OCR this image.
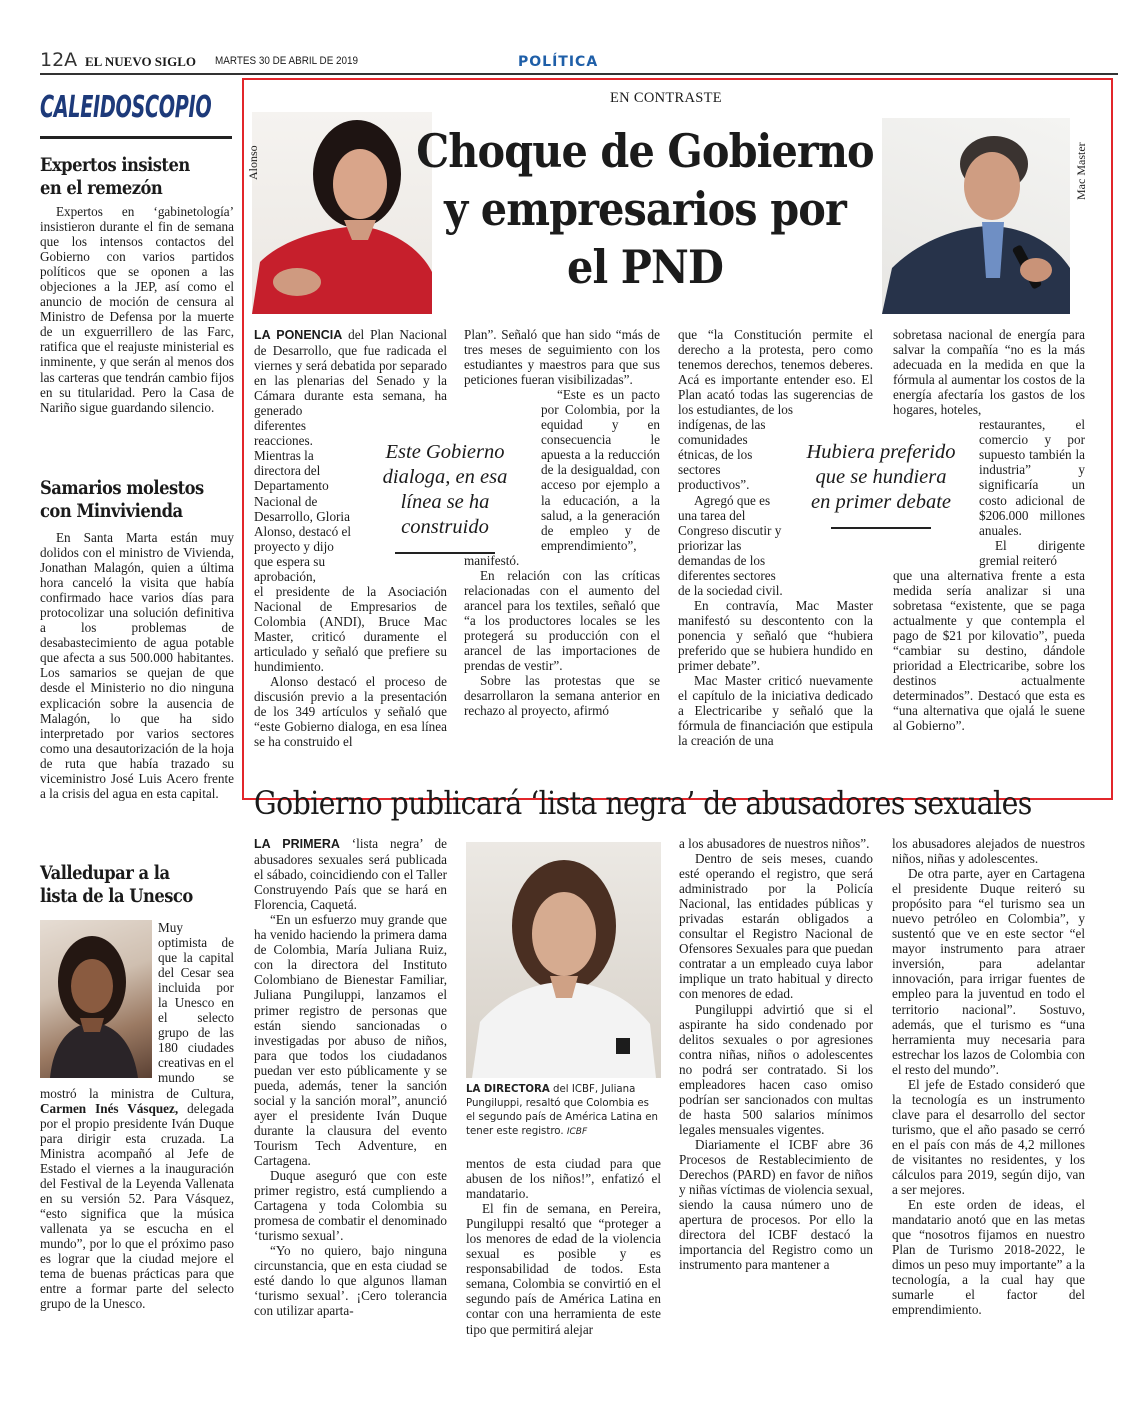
12A EL NUEVO SIGLO MARTES 30 DE ABRIL DE 2019	POLÍTICA
CALEIDOSCOPIO
Expertos insisten
en el remezón

Expertos en ‘gabinetología’ insistieron durante el fin de semana que los intensos contactos del Gobierno con varios partidos políticos que se oponen a las objeciones a la JEP, así como el anuncio de moción de censura al Ministro de Defensa por la muerte de un exguerrillero de las Farc, ratifica que el reajuste ministerial es inminente, y que serán al menos dos las carteras que tendrán cambio fijos en su titularidad. Pero la Casa de Nariño sigue guardando silencio.

Samarios molestos
con Minvivienda

En Santa Marta están muy dolidos con el ministro de Vivienda, Jonathan Malagón, quien a última hora canceló la visita que había confirmado hace varios días para protocolizar una solución definitiva a los problemas de desabastecimiento de agua potable que afecta a sus 500.000 habitantes. Los samarios se quejan de que desde el Ministerio no dio ninguna explicación sobre la ausencia de Malagón, lo que ha sido interpretado por varios sectores como una desautorización de la hoja de ruta que había trazado su viceministro José Luis Acero frente a la crisis del agua en esta capital.

Valledupar a la
lista de la Unesco

Muy optimista de que la capital del Cesar sea incluida por la Unesco en el selecto grupo de las 180 ciudades creativas en el mundo se mostró la ministra de Cultura, Carmen Inés Vásquez, delegada por el propio presidente Iván Duque para dirigir esta cruzada. La Ministra acompañó al Jefe de Estado el viernes a la inauguración del Festival de la Leyenda Vallenata en su versión 52. Para Vásquez, “esto significa que la música vallenata ya se escucha en el mundo”, por lo que el próximo paso es lograr que la ciudad mejore el tema de buenas prácticas para que entre a formar parte del selecto grupo de la Unesco.

EN CONTRASTE
Alonso	Choque de Gobierno
y empresarios por
el PND
Mac Master

LA PONENCIA del Plan Nacional de Desarrollo, que fue radicada el viernes y será debatida por separado en las plenarias del Senado y la Cámara durante esta semana, ha generado

diferentes reacciones. Mientras la directora del Departamento Nacional de Desarrollo, Gloria Alonso, destacó el proyecto y dijo que espera su aprobación,

el presidente de la Asociación Nacional de Empresarios de Colombia (ANDI), Bruce Mac Master, criticó duramente el articulado y señaló que prefiere su hundimiento.

Alonso destacó el proceso de discusión previo a la presentación de los 349 artículos y señaló que “este Gobierno dialoga, en esa línea se ha construido el

Este Gobierno dialoga, en esa línea se ha construido

Plan”. Señaló que han sido “más de tres meses de seguimiento con los estudiantes y maestros para que sus peticiones fueran visibilizadas”.

“Este es un pacto por Colombia, por la equidad y en consecuencia le apuesta a la reducción de la desigualdad, con acceso por ejemplo a la educación, a la salud, a la generación de empleo y de emprendimiento”,

manifestó.

En relación con las críticas relacionadas con el aumento del arancel para los textiles, señaló que “a los productores locales se les protegerá su producción con el arancel de las importaciones de prendas de vestir”.

Sobre las protestas que se desarrollaron la semana anterior en rechazo al proyecto, afirmó

que “la Constitución permite el derecho a la protesta, pero como tenemos derechos, tenemos deberes. Acá es importante entender eso. El Plan acató todas las sugerencias de los estudiantes, de los

indígenas, de las comunidades étnicas, de los sectores productivos”.

Agregó que es una tarea del Congreso discutir y priorizar las demandas de los diferentes sectores de la sociedad civil.

En contravía, Mac Master manifestó su descontento con la ponencia y señaló que “hubiera preferido que se hubiera hundido en primer debate”.

Mac Master criticó nuevamente el capítulo de la iniciativa dedicado a Electricaribe y señaló que la fórmula de financiación que estipula la creación de una

Hubiera preferido que se hundiera en primer debate

sobretasa nacional de energía para salvar la compañía “no es la más adecuada en la medida en que la fórmula al aumentar los costos de la energía afectaría los gastos de los hogares, hoteles,

restaurantes, el comercio y por supuesto también la industria” y significaría un costo adicional de $206.000 millones anuales.

El dirigente gremial reiteró

que una alternativa frente a esta medida sería analizar si una sobretasa “existente, que se paga actualmente y que contempla el pago de $21 por kilovatio”, pueda “cambiar su destino, dándole prioridad a Electricaribe, sobre los destinos actualmente determinados”. Destacó que esta es “una alternativa que ojalá le suene al Gobierno”.

Gobierno publicará ‘lista negra’ de abusadores sexuales

LA PRIMERA ‘lista negra’ de abusadores sexuales será publicada el sábado, coincidiendo con el Taller Construyendo País que se hará en Florencia, Caquetá.

“En un esfuerzo muy grande que ha venido haciendo la primera dama de Colombia, María Juliana Ruiz, con la directora del Instituto Colombiano de Bienestar Familiar, Juliana Pungiluppi, lanzamos el primer registro de personas que están siendo sancionadas o investigadas por abuso de niños, para que todos los ciudadanos puedan ver esto públicamente y se pueda, además, tener la sanción social y la sanción moral”, anunció ayer el presidente Iván Duque durante la clausura del evento Tourism Tech Adventure, en Cartagena.

Duque aseguró que con este primer registro, está cumpliendo a Cartagena y toda Colombia su promesa de combatir el denominado ‘turismo sexual’.

“Yo no quiero, bajo ninguna circunstancia, que en esta ciudad se esté dando lo que algunos llaman ‘turismo sexual’. ¡Cero tolerancia con utilizar aparta-

LA DIRECTORA del ICBF, Juliana Pungiluppi, resaltó que Colombia es el segundo país de América Latina en tener este registro. ICBF

mentos de esta ciudad para que abusen de los niños!”, enfatizó el mandatario.

El fin de semana, en Pereira, Pungiluppi resaltó que “proteger a los menores de edad de la violencia sexual es posible y es responsabilidad de todos. Esta semana, Colombia se convirtió en el segundo país de América Latina en contar con una herramienta de este tipo que permitirá alejar

a los abusadores de nuestros niños”.

Dentro de seis meses, cuando esté operando el registro, que será administrado por la Policía Nacional, las entidades públicas y privadas estarán obligados a consultar el Registro Nacional de Ofensores Sexuales para que puedan contratar a un empleado cuya labor implique un trato habitual y directo con menores de edad.

Pungiluppi advirtió que si el aspirante ha sido condenado por delitos sexuales o por agresiones contra niñas, niños o adolescentes no podrá ser contratado. Si los empleadores hacen caso omiso podrían ser sancionados con multas de hasta 500 salarios mínimos legales mensuales vigentes.

Diariamente el ICBF abre 36 Procesos de Restablecimiento de Derechos (PARD) en favor de niños y niñas víctimas de violencia sexual, siendo la causa número uno de apertura de procesos. Por ello la directora del ICBF destacó la importancia del Registro como un instrumento para mantener a

los abusadores alejados de nuestros niños, niñas y adolescentes.

De otra parte, ayer en Cartagena el presidente Duque reiteró su propósito para “el turismo sea un nuevo petróleo en Colombia”, y sustentó que ve en este sector “el mayor instrumento para atraer inversión, para adelantar innovación, para irrigar fuentes de empleo para la juventud en todo el territorio nacional”. Sostuvo, además, que el turismo es “una herramienta muy necesaria para estrechar los lazos de Colombia con el resto del mundo”.

El jefe de Estado consideró que la tecnología es un instrumento clave para el desarrollo del sector turismo, que el año pasado se cerró en el país con más de 4,2 millones de visitantes no residentes, y los cálculos para 2019, según dijo, van a ser mejores.

En este orden de ideas, el mandatario anotó que en las metas que “nosotros fijamos en nuestro Plan de Turismo 2018-2022, le dimos un peso muy importante” a la tecnología, a la cual hay que sumarle el factor del emprendimiento.
